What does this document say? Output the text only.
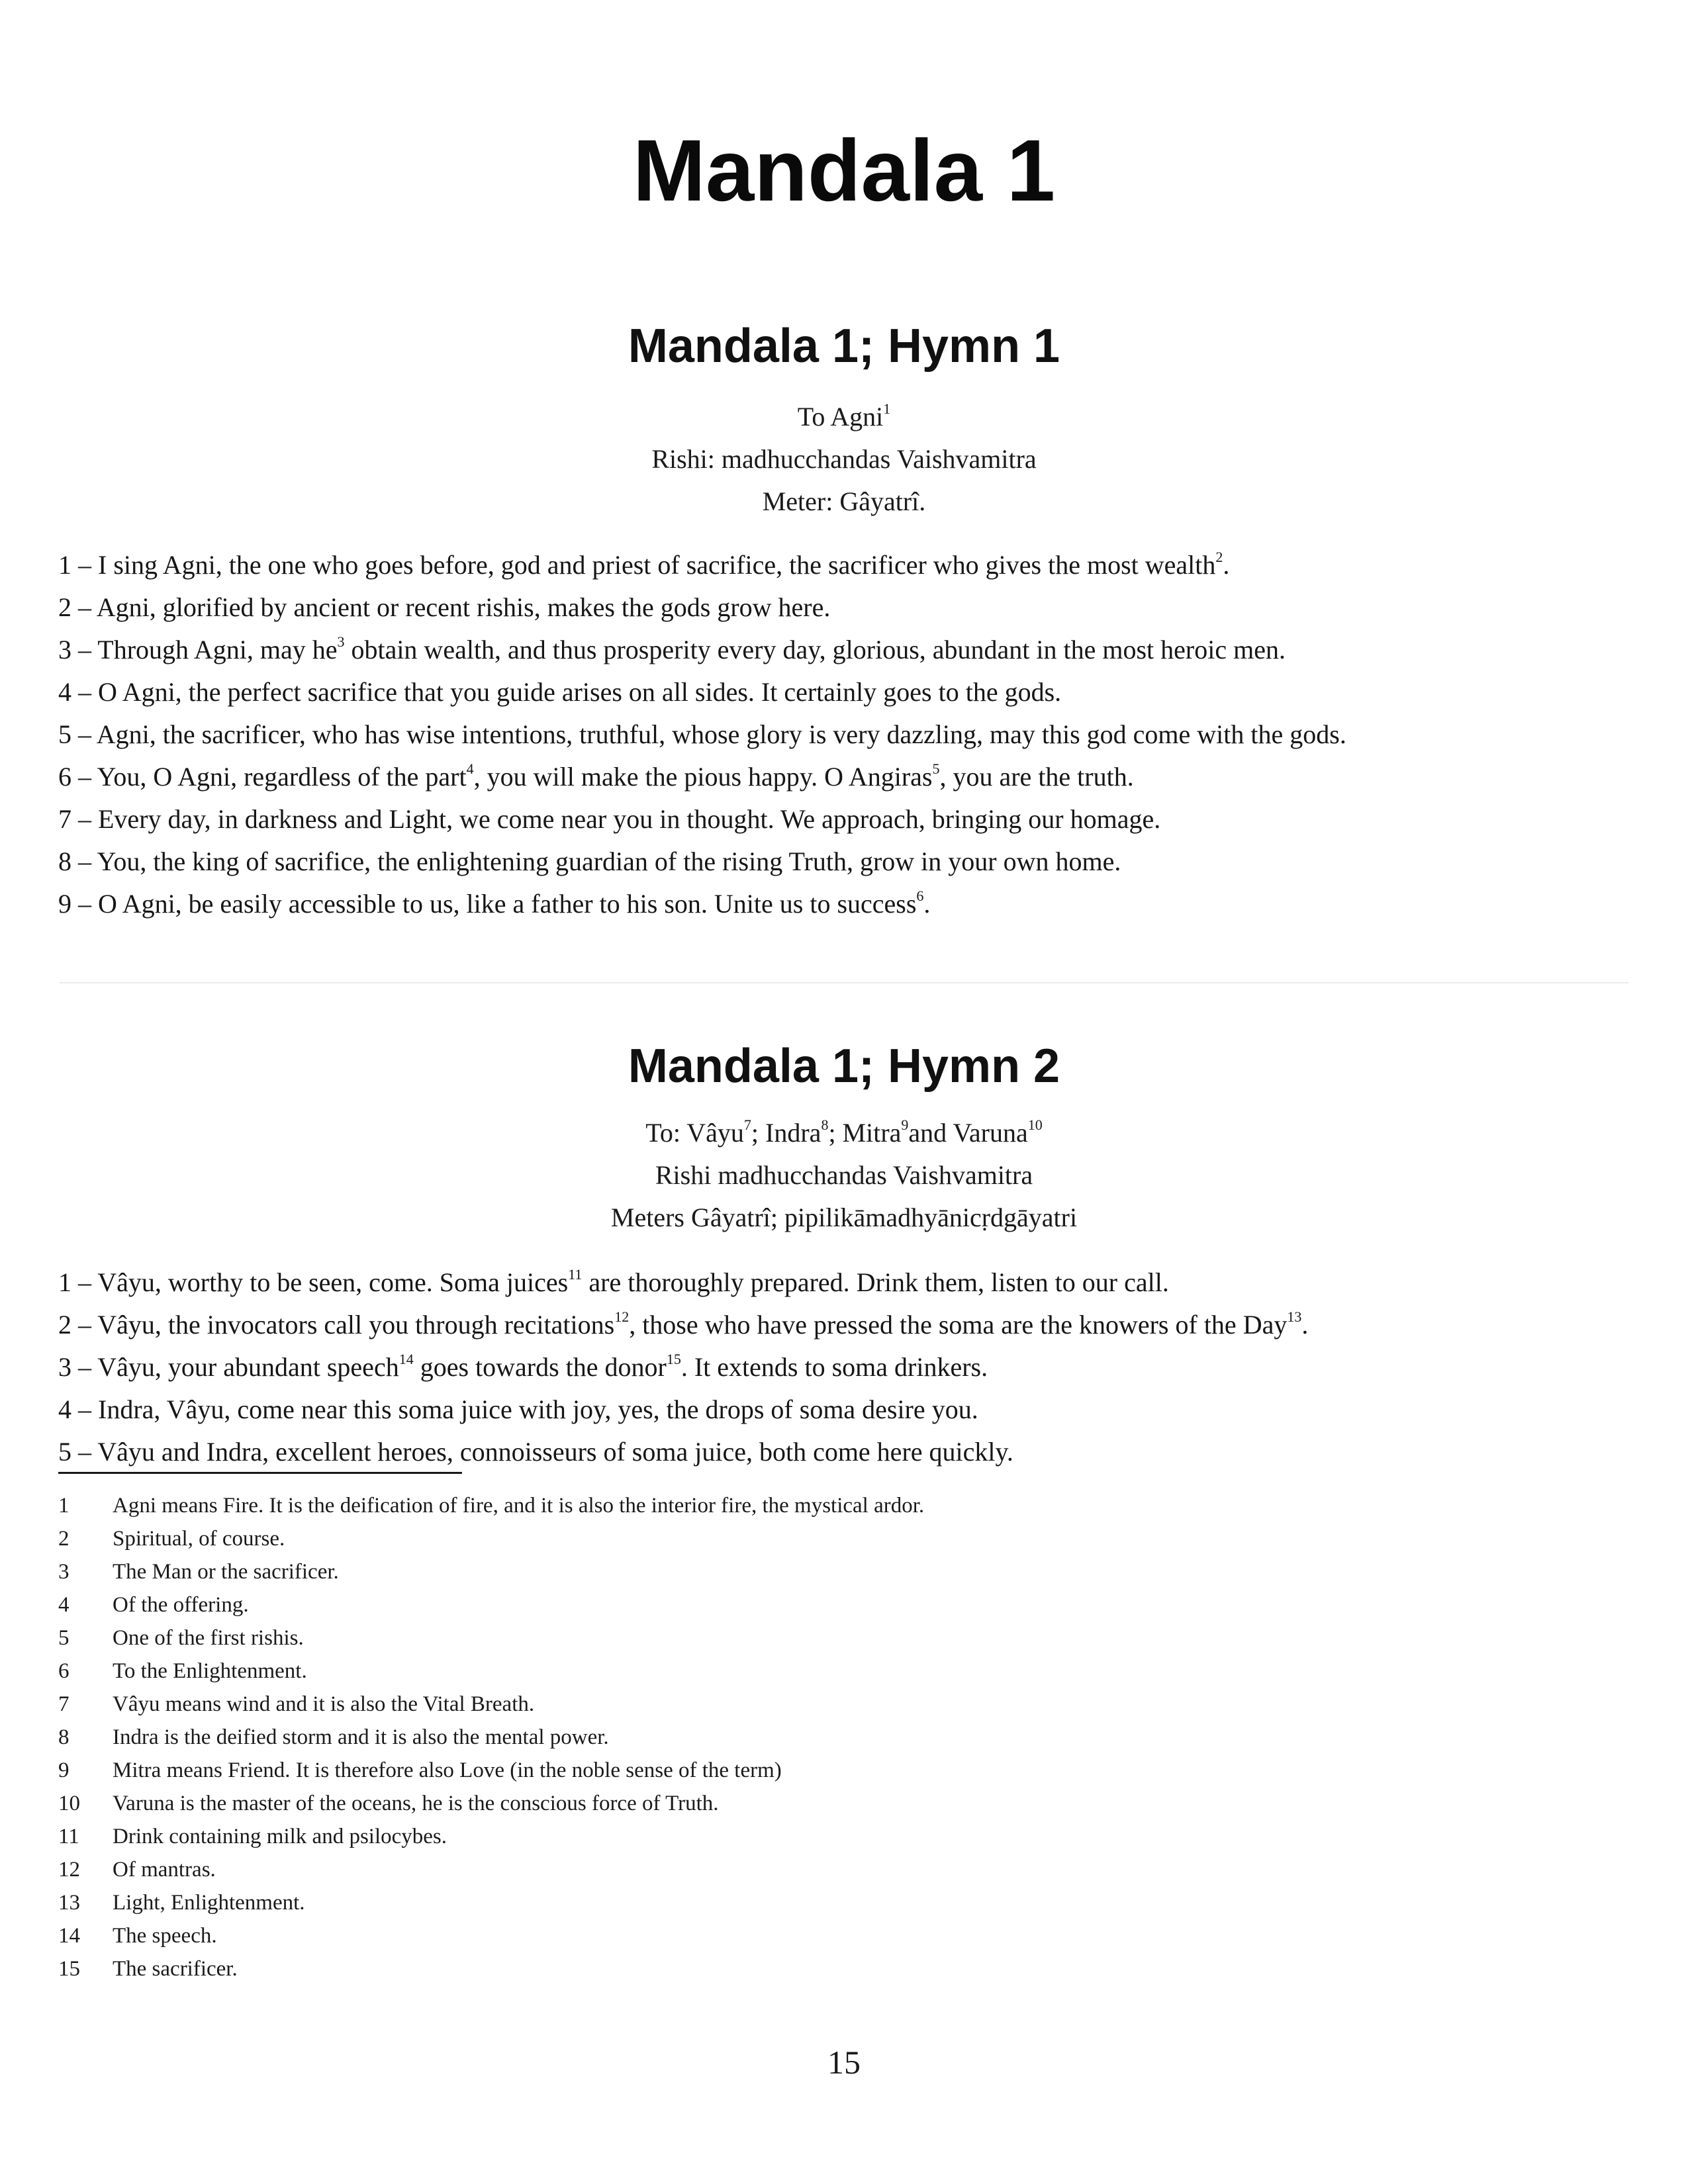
Mandala 1
Mandala 1; Hymn 1
To Agni$^1$
Rishi: madhucchandas Vaishvamitra
Meter: Gâyatrî.
1 – I sing Agni, the one who goes before, god and priest of sacrifice, the sacrificer who gives the most wealth$^2$.
2 – Agni, glorified by ancient or recent rishis, makes the gods grow here.
3 – Through Agni, may $he^3$ obtain wealth, and thus prosperity every day, glorious, abundant in the most heroic men.
4 – O Agni, the perfect sacrifice that you guide arises on all sides. It certainly goes to the gods.
5 – Agni, the sacrificer, who has wise intentions, truthful, whose glory is very dazzling, may this god come with the gods.
6 – You, O Agni, regardless of the part$^4$, you will make the pious happy. O Angiras$^5$, you are the truth.
7 – Every day, in darkness and Light, we come near you in thought. We approach, bringing our homage.
8 – You, the king of sacrifice, the enlightening guardian of the rising Truth, grow in your own home.
9 – O Agni, be easily accessible to us, like a father to his son. Unite us to success$^6$.
Mandala 1; Hymn 2
To: Vâyu$^7$; Indra$^8$; Mitra$^9$and Varuna$^{10}$
Rishi madhucchandas Vaishvamitra
Meters Gâyatrî; pipilikāmadhyānicṛdgāyatri
1 – Vâyu, worthy to be seen, come. Soma juices$^{11}$ are thoroughly prepared. Drink them, listen to our call.
2 – Vâyu, the invocators call you through recitations$^{12}$, those who have pressed the soma are the knowers of the Day$^{13}$.
3 – Vâyu, your abundant speech$^{14}$ goes towards the donor$^{15}$. It extends to soma drinkers.
4 – Indra, Vâyu, come near this soma juice with joy, yes, the drops of soma desire you.
5 – Vâyu and Indra, excellent heroes, connoisseurs of soma juice, both come here quickly.
1	Agni means Fire. It is the deification of fire, and it is also the interior fire, the mystical ardor.
2	Spiritual, of course.
3	The Man or the sacrificer.
4	Of the offering.
5	One of the first rishis.
6	To the Enlightenment.
7	Vâyu means wind and it is also the Vital Breath.
8	Indra is the deified storm and it is also the mental power.
9	Mitra means Friend. It is therefore also Love (in the noble sense of the term)
10	Varuna is the master of the oceans, he is the conscious force of Truth.
11	Drink containing milk and psilocybes.
12	Of mantras.
13	Light, Enlightenment.
14	The speech.
15	The sacrificer.
15
